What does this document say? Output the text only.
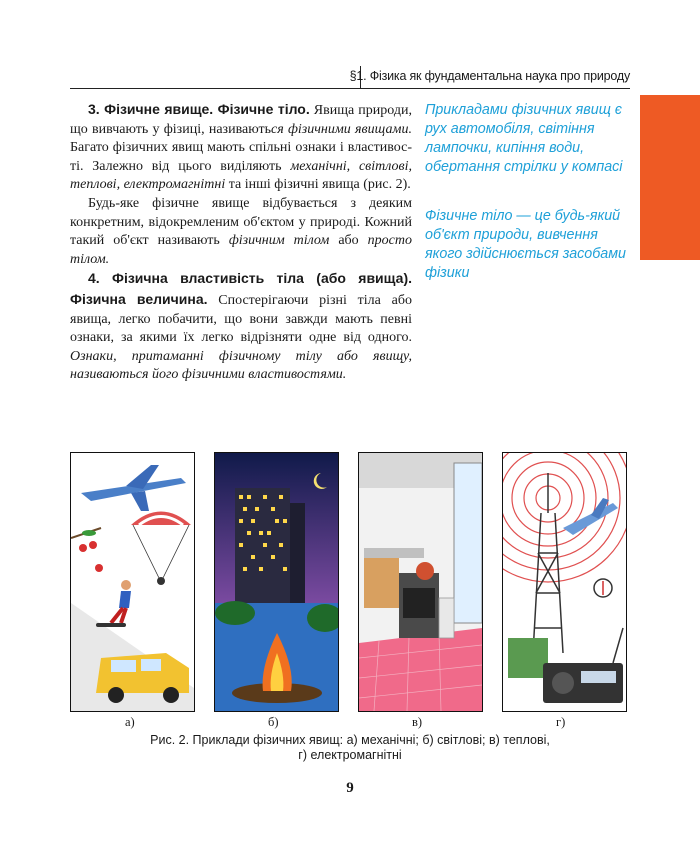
§1. Фізика як фундаментальна наука про природу

3. Фізичне явище. Фізичне тіло. Явища природи, що вивчають у фізиці, називаються фізичними явищами. Багато фізичних явищ мають спільні ознаки і властивос-ті. Залежно від цього виділяють механічні, світлові, теплові, електромагнітні та інші фізичні явища (рис. 2).

Будь-яке фізичне явище відбувається з деяким конкретним, відокремленим об'єктом у природі. Кожний такий об'єкт називають фізичним тілом або просто тілом.

4. Фізична властивість тіла (або явища). Фізична величина. Спостерігаючи різні тіла або явища, легко побачити, що вони завжди мають певні ознаки, за якими їх легко відрізняти одне від одного. Ознаки, притаманні фізичному тілу або явищу, називаються його фізичними властивостями.

Прикладами фізичних явищ є рух автомобіля, світіння лампочки, кипіння води, обертання стрілки у компасі

Фізичне тіло — це будь-який об'єкт природи, вивчення якого здійснюється засобами фізики

а)	б)	в)	г)
Рис. 2. Приклади фізичних явищ: а) механічні; б) світлові; в) теплові,
г) електромагнітні
9
